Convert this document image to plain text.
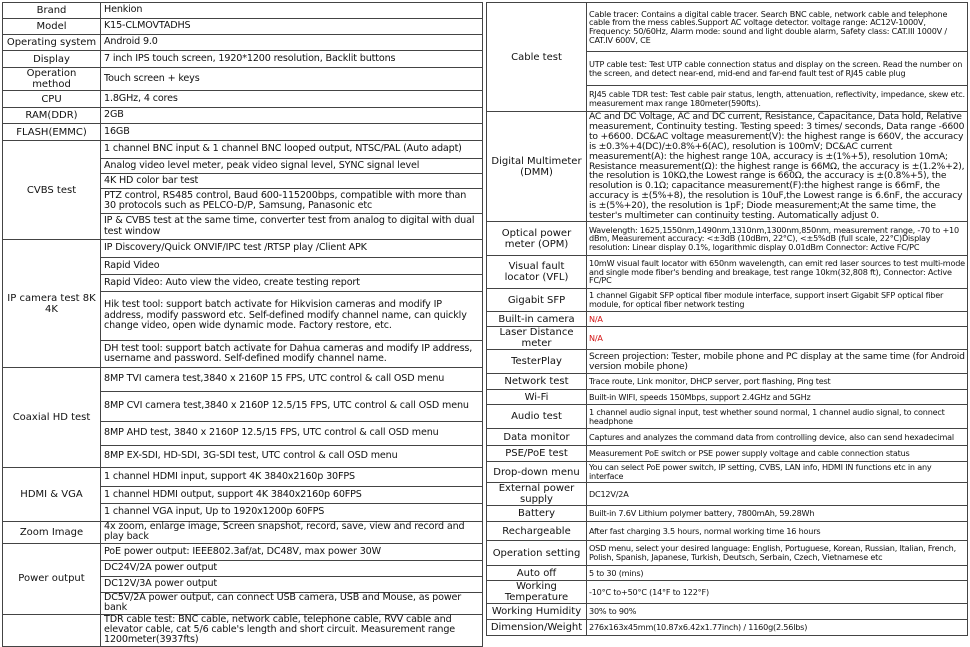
Brand	Henkion
Model	K15-CLMOVTADHS
Operating system	Android 9.0
Display	7 inch IPS touch screen, 1920*1200 resolution, Backlit buttons
Operation method	Touch screen + keys
CPU	1.8GHz, 4 cores
RAM(DDR)	2GB
FLASH(EMMC)	16GB
CVBS test	1 channel BNC input & 1 channel BNC looped output, NTSC/PAL (Auto adapt)
	Analog video level meter, peak video signal level, SYNC signal level
	4K HD color bar test
	PTZ control, RS485 control, Baud 600-115200bps, compatible with more than 30 protocols such as PELCO-D/P, Samsung, Panasonic etc
	IP & CVBS test at the same time, converter test from analog to digital with dual test window
IP camera test 8K 4K	IP Discovery/Quick ONVIF/IPC test /RTSP play /Client APK
	Rapid Video
	Rapid Video: Auto view the video, create testing report
	Hik test tool: support batch activate for Hikvision cameras and modify IP address, modify password etc. Self-defined modify channel name, can quickly change video, open wide dynamic mode. Factory restore, etc.
	DH test tool: support batch activate for Dahua cameras and modify IP address, username and password. Self-defined modify channel name.
Coaxial HD test	8MP TVI camera test,3840 x 2160P 15 FPS, UTC control & call OSD menu
	8MP CVI camera test,3840 x 2160P 12.5/15 FPS, UTC control & call OSD menu
	8MP AHD test, 3840 x 2160P 12.5/15 FPS, UTC control & call OSD menu
	8MP EX-SDI, HD-SDI, 3G-SDI test, UTC control & call OSD menu
HDMI & VGA	1 channel HDMI input, support 4K 3840x2160p 30FPS
	1 channel HDMI output, support 4K 3840x2160p 60FPS
	1 channel VGA input, Up to 1920x1200p 60FPS
Zoom Image	4x zoom, enlarge image, Screen snapshot, record, save, view and record and play back
Power output	PoE power output: IEEE802.3af/at, DC48V, max power 30W
	DC24V/2A power output
	DC12V/3A power output
	DC5V/2A power output, can connect USB camera, USB and Mouse, as power bank
	TDR cable test: BNC cable, network cable, telephone cable, RVV cable and elevator cable, cat 5/6 cable's length and short circuit. Measurement range 1200meter(3937fts)
Cable test	Cable tracer: Contains a digital cable tracer. Search BNC cable, network cable and telephone cable from the mess cables.Support AC voltage detector. voltage range: AC12V-1000V, Frequency: 50/60Hz, Alarm mode: sound and light double alarm, Safety class: CAT.III 1000V / CAT.IV 600V, CE
	UTP cable test: Test UTP cable connection status and display on the screen. Read the number on the screen, and detect near-end, mid-end and far-end fault test of RJ45 cable plug
	RJ45 cable TDR test: Test cable pair status, length, attenuation, reflectivity, impedance, skew etc. measurement max range 180meter(590fts).
Digital Multimeter (DMM)	AC and DC Voltage, AC and DC current, Resistance, Capacitance, Data hold, Relative measurement, Continuity testing. Testing speed: 3 times/ seconds, Data range -6600 to +6600. DC&AC voltage measurement(V): the highest range is 660V, the accuracy is ±0.3%+4(DC)/±0.8%+6(AC), resolution is 100mV; DC&AC current measurement(A): the highest range 10A, accuracy is ±(1%+5), resolution 10mA; Resistance measurement(Ω): the highest range is 66MΩ, the accuracy is ±(1.2%+2), the resolution is 10KΩ,the Lowest range is 660Ω, the accuracy is ±(0.8%+5), the resolution is 0.1Ω; capacitance measurement(F):the highest range is 66mF, the accuracy is ±(5%+8), the resolution is 10uF,the Lowest range is 6.6nF, the accuracy is ±(5%+20), the resolution is 1pF; Diode measurement;At the same time, the tester's multimeter can continuity testing. Automatically adjust 0.
Optical power meter (OPM)	Wavelength: 1625,1550nm,1490nm,1310nm,1300nm,850nm, measurement range, -70 to +10 dBm, Measurement accuracy: <±3dB (10dBm, 22°C), <±5%dB (full scale, 22°C)Display resolution: Linear display 0.1%, logarithmic display 0.01dBm Connector: Active FC/PC
Visual fault locator (VFL)	10mW visual fault locator with 650nm wavelength, can emit red laser sources to test multi-mode and single mode fiber's bending and breakage, test range 10km(32,808 ft), Connector: Active FC/PC
Gigabit SFP	1 channel Gigabit SFP optical fiber module interface, support insert Gigabit SFP optical fiber module, for optical fiber network testing
Built-in camera	N/A
Laser Distance meter	N/A
TesterPlay	Screen projection: Tester, mobile phone and PC display at the same time (for Android version mobile phone)
Network test	Trace route, Link monitor, DHCP server, port flashing, Ping test
Wi-Fi	Built-in WIFI, speeds 150Mbps, support 2.4GHz and 5GHz
Audio test	1 channel audio signal input, test whether sound normal, 1 channel audio signal, to connect headphone
Data monitor	Captures and analyzes the command data from controlling device, also can send hexadecimal
PSE/PoE test	Measurement PoE switch or PSE power supply voltage and cable connection status
Drop-down menu	You can select PoE power switch, IP setting, CVBS, LAN info, HDMI IN functions etc in any interface
External power supply	DC12V/2A
Battery	Built-in 7.6V Lithium polymer battery, 7800mAh, 59.28Wh
Rechargeable	After fast charging 3.5 hours, normal working time 16 hours
Operation setting	OSD menu, select your desired language: English, Portuguese, Korean, Russian, Italian, French, Polish, Spanish, Japanese, Turkish, Deutsch, Serbain, Czech, Vietnamese etc
Auto off	5 to 30 (mins)
Working Temperature	-10°C to+50°C (14°F to 122°F)
Working Humidity	30% to 90%
Dimension/Weight	276x163x45mm(10.87x6.42x1.77inch) / 1160g(2.56lbs)
